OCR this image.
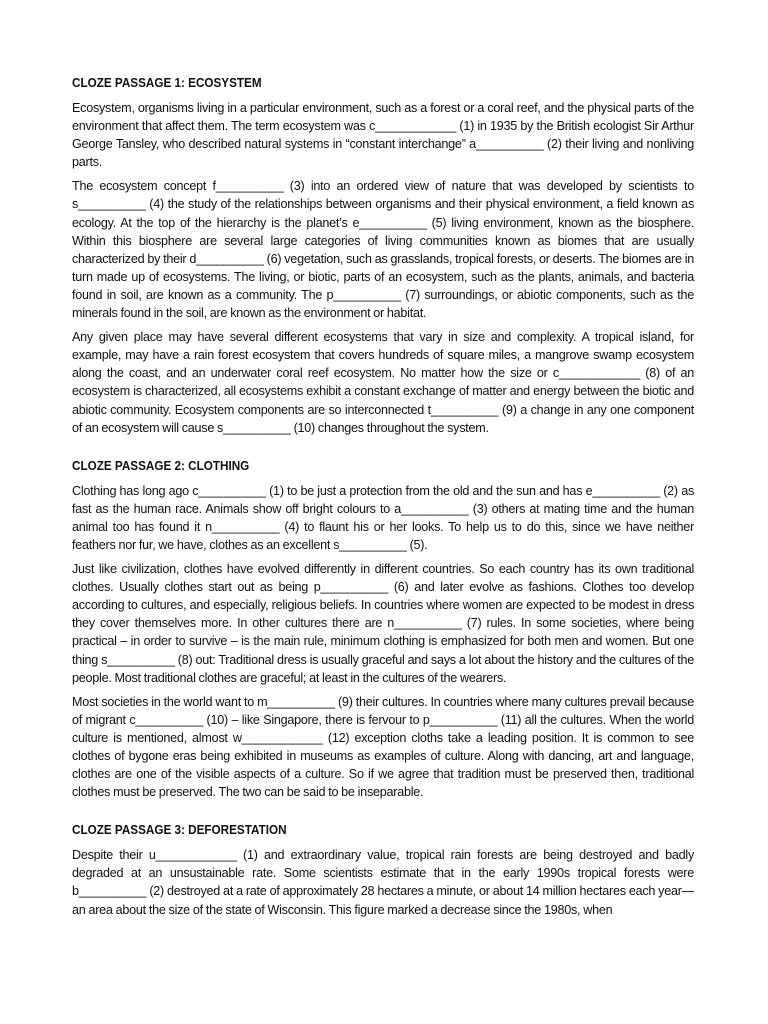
CLOZE PASSAGE 1: ECOSYSTEM

Ecosystem, organisms living in a particular environment, such as a forest or a coral reef, and the physical parts of the environment that affect them. The term ecosystem was c____________ (1) in 1935 by the British ecologist Sir Arthur George Tansley, who described natural systems in “constant interchange” a__________ (2) their living and nonliving parts.

The ecosystem concept f__________ (3) into an ordered view of nature that was developed by scientists to s__________ (4) the study of the relationships between organisms and their physical environment, a field known as ecology. At the top of the hierarchy is the planet’s e__________ (5) living environment, known as the biosphere. Within this biosphere are several large categories of living communities known as biomes that are usually characterized by their d__________ (6) vegetation, such as grasslands, tropical forests, or deserts. The biomes are in turn made up of ecosystems. The living, or biotic, parts of an ecosystem, such as the plants, animals, and bacteria found in soil, are known as a community. The p__________ (7) surroundings, or abiotic components, such as the minerals found in the soil, are known as the environment or habitat.

Any given place may have several different ecosystems that vary in size and complexity. A tropical island, for example, may have a rain forest ecosystem that covers hundreds of square miles, a mangrove swamp ecosystem along the coast, and an underwater coral reef ecosystem. No matter how the size or c____________ (8) of an ecosystem is characterized, all ecosystems exhibit a constant exchange of matter and energy between the biotic and abiotic community. Ecosystem components are so interconnected t__________ (9) a change in any one component of an ecosystem will cause s__________ (10) changes throughout the system.

CLOZE PASSAGE 2: CLOTHING

Clothing has long ago c__________ (1) to be just a protection from the old and the sun and has e__________ (2) as fast as the human race. Animals show off bright colours to a__________ (3) others at mating time and the human animal too has found it n__________ (4) to flaunt his or her looks. To help us to do this, since we have neither feathers nor fur, we have, clothes as an excellent s__________ (5).

Just like civilization, clothes have evolved differently in different countries. So each country has its own traditional clothes. Usually clothes start out as being p__________ (6) and later evolve as fashions. Clothes too develop according to cultures, and especially, religious beliefs. In countries where women are expected to be modest in dress they cover themselves more. In other cultures there are n__________ (7) rules. In some societies, where being practical – in order to survive – is the main rule, minimum clothing is emphasized for both men and women. But one thing s__________ (8) out: Traditional dress is usually graceful and says a lot about the history and the cultures of the people. Most traditional clothes are graceful; at least in the cultures of the wearers.

Most societies in the world want to m__________ (9) their cultures. In countries where many cultures prevail because of migrant c__________ (10) – like Singapore, there is fervour to p__________ (11) all the cultures. When the world culture is mentioned, almost w____________ (12) exception cloths take a leading position. It is common to see clothes of bygone eras being exhibited in museums as examples of culture. Along with dancing, art and language, clothes are one of the visible aspects of a culture. So if we agree that tradition must be preserved then, traditional clothes must be preserved. The two can be said to be inseparable.

CLOZE PASSAGE 3: DEFORESTATION

Despite their u____________ (1) and extraordinary value, tropical rain forests are being destroyed and badly degraded at an unsustainable rate. Some scientists estimate that in the early 1990s tropical forests were b__________ (2) destroyed at a rate of approximately 28 hectares a minute, or about 14 million hectares each year—an area about the size of the state of Wisconsin. This figure marked a decrease since the 1980s, when
